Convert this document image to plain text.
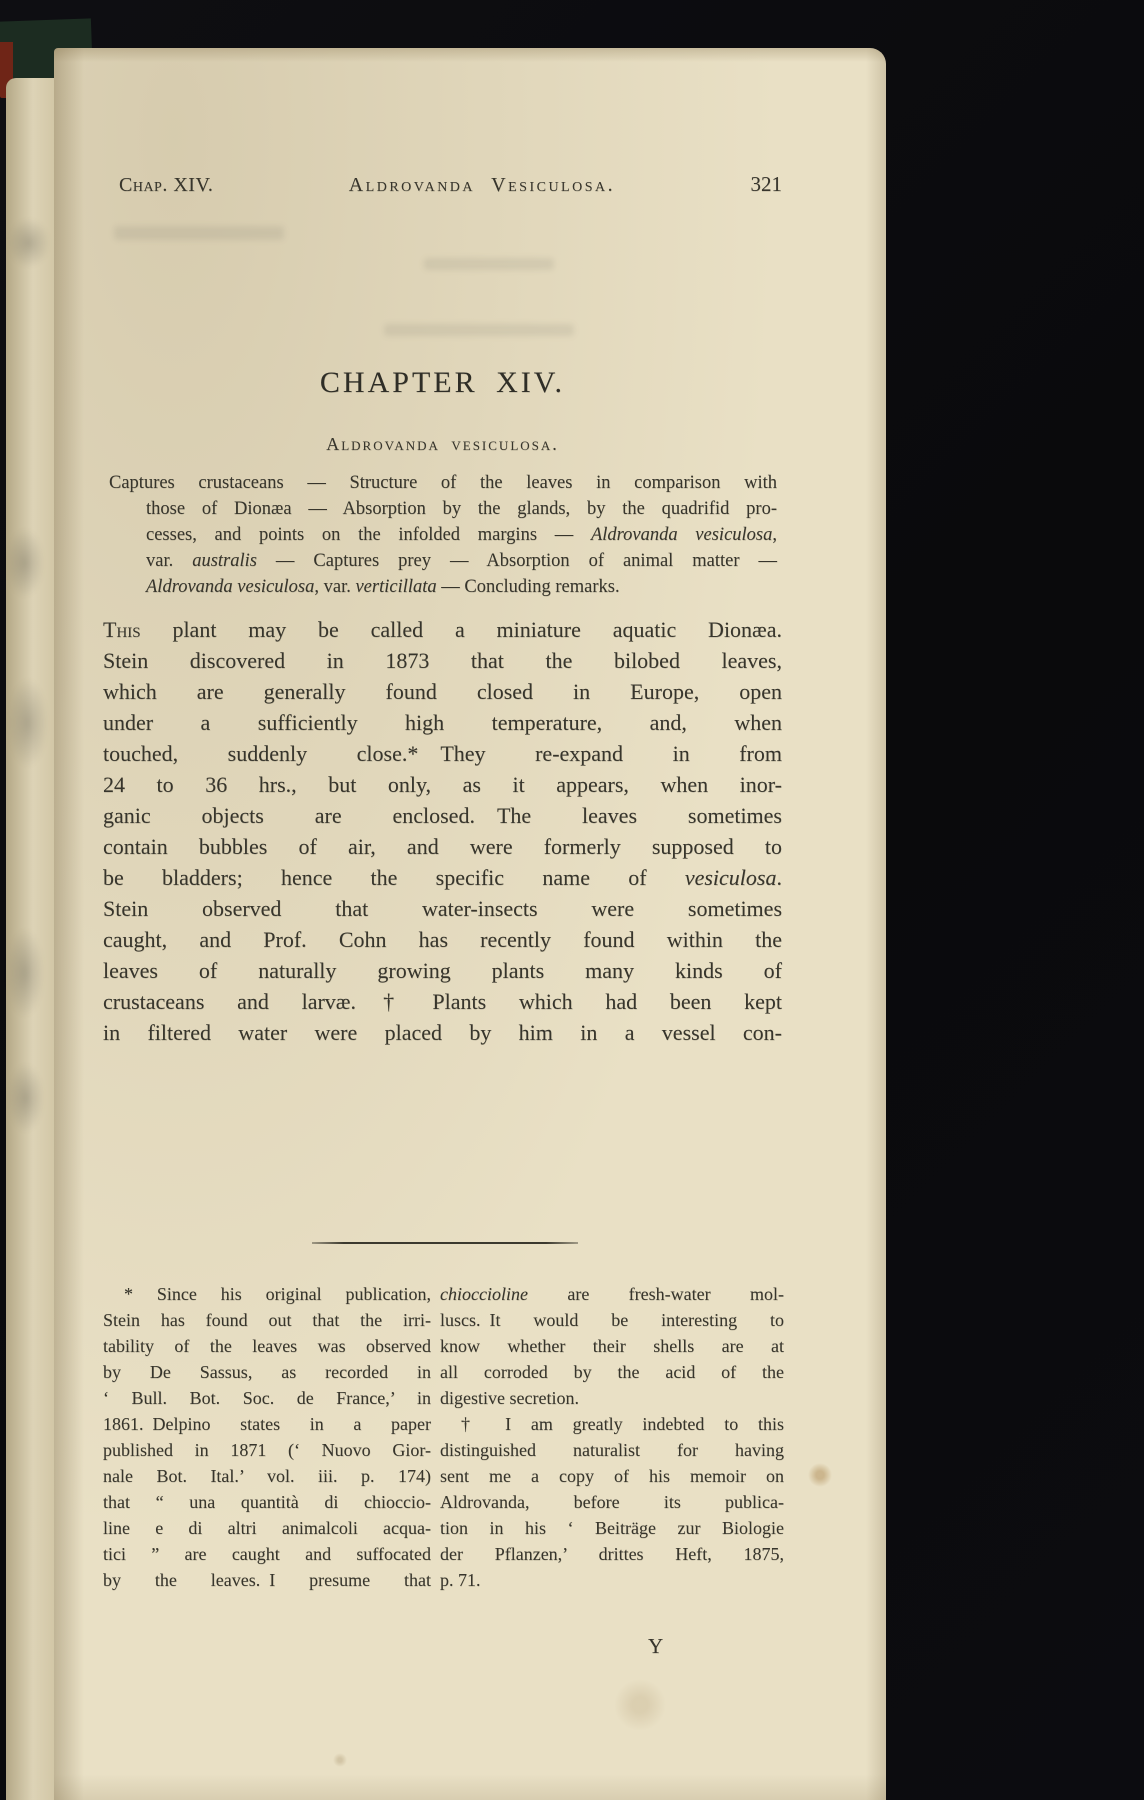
Chap. XIV.	Aldrovanda Vesiculosa.	321
CHAPTER XIV.
Aldrovanda vesiculosa.
Captures crustaceans — Structure of the leaves in comparison with
those of Dionæa — Absorption by the glands, by the quadrifid pro-
cesses, and points on the infolded margins — Aldrovanda vesiculosa,
var. australis — Captures prey — Absorption of animal matter —
Aldrovanda vesiculosa, var. verticillata — Concluding remarks.
This plant may be called a miniature aquatic Dionæa.
Stein discovered in 1873 that the bilobed leaves,
which are generally found closed in Europe, open
under a sufficiently high temperature, and, when
touched, suddenly close.* They re-expand in from
24 to 36 hrs., but only, as it appears, when inor-
ganic objects are enclosed. The leaves sometimes
contain bubbles of air, and were formerly supposed to
be bladders; hence the specific name of vesiculosa.
Stein observed that water-insects were sometimes
caught, and Prof. Cohn has recently found within the
leaves of naturally growing plants many kinds of
crustaceans and larvæ.† Plants which had been kept
in filtered water were placed by him in a vessel con-
* Since his original publication,
Stein has found out that the irri-
tability of the leaves was observed
by De Sassus, as recorded in
‘ Bull. Bot. Soc. de France,’ in
1861. Delpino states in a paper
published in 1871 (‘ Nuovo Gior-
nale Bot. Ital.’ vol. iii. p. 174)
that “ una quantità di chioccio-
line e di altri animalcoli acqua-
tici ” are caught and suffocated
by the leaves. I presume that
chioccioline are fresh-water mol-
luscs. It would be interesting to
know whether their shells are at
all corroded by the acid of the
digestive secretion.
† I am greatly indebted to this
distinguished naturalist for having
sent me a copy of his memoir on
Aldrovanda, before its publica-
tion in his ‘ Beiträge zur Biologie
der Pflanzen,’ drittes Heft, 1875,
p. 71.
Y
